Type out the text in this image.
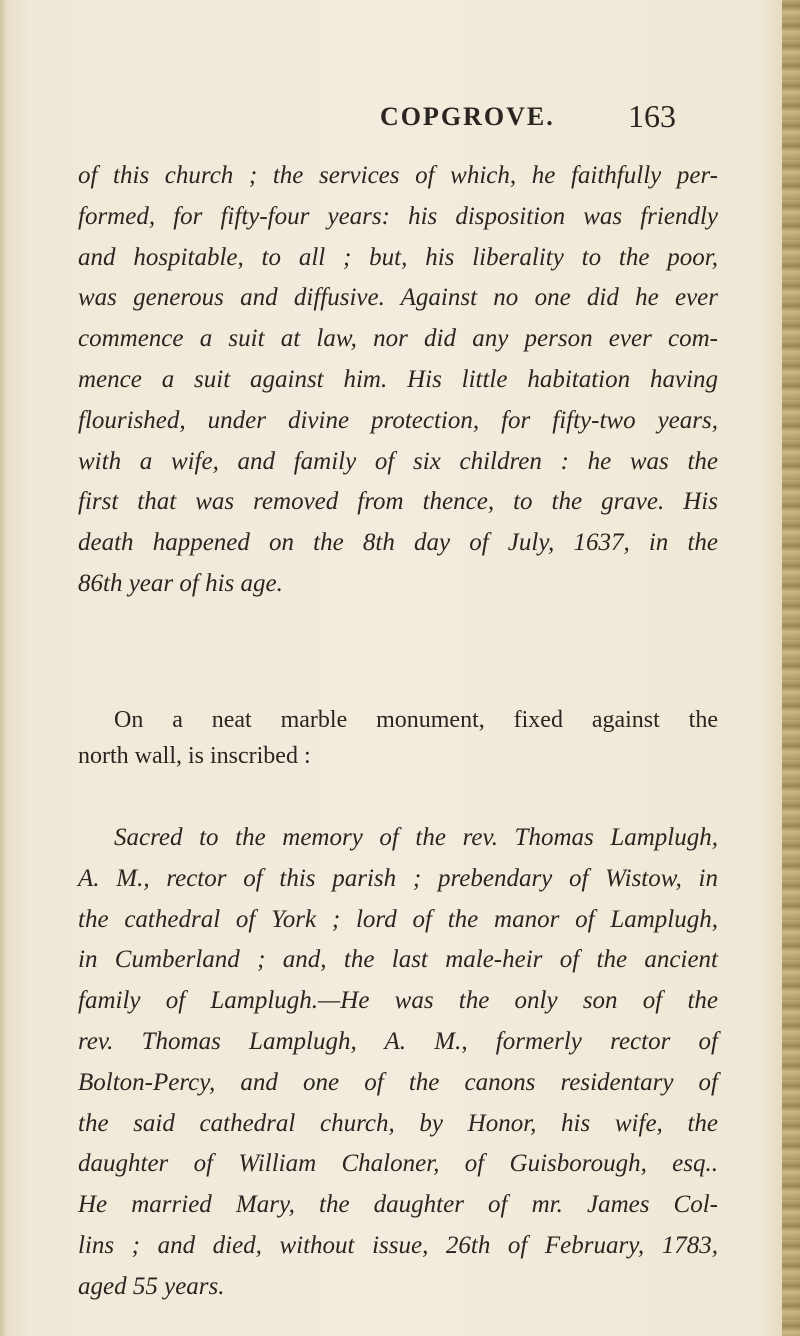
COPGROVE. 163
of this church ; the services of which, he faithfully per-
formed, for fifty-four years: his disposition was friendly
and hospitable, to all ; but, his liberality to the poor,
was generous and diffusive. Against no one did he ever
commence a suit at law, nor did any person ever com-
mence a suit against him. His little habitation having
flourished, under divine protection, for fifty-two years,
with a wife, and family of six children : he was the
first that was removed from thence, to the grave. His
death happened on the 8th day of July, 1637, in the
86th year of his age.
On a neat marble monument, fixed against the
north wall, is inscribed :
Sacred to the memory of the rev. Thomas Lamplugh,
A. M., rector of this parish ; prebendary of Wistow, in
the cathedral of York ; lord of the manor of Lamplugh,
in Cumberland ; and, the last male-heir of the ancient
family of Lamplugh.—He was the only son of the
rev. Thomas Lamplugh, A. M., formerly rector of
Bolton-Percy, and one of the canons residentary of
the said cathedral church, by Honor, his wife, the
daughter of William Chaloner, of Guisborough, esq..
He married Mary, the daughter of mr. James Col-
lins ; and died, without issue, 26th of February, 1783,
aged 55 years.
